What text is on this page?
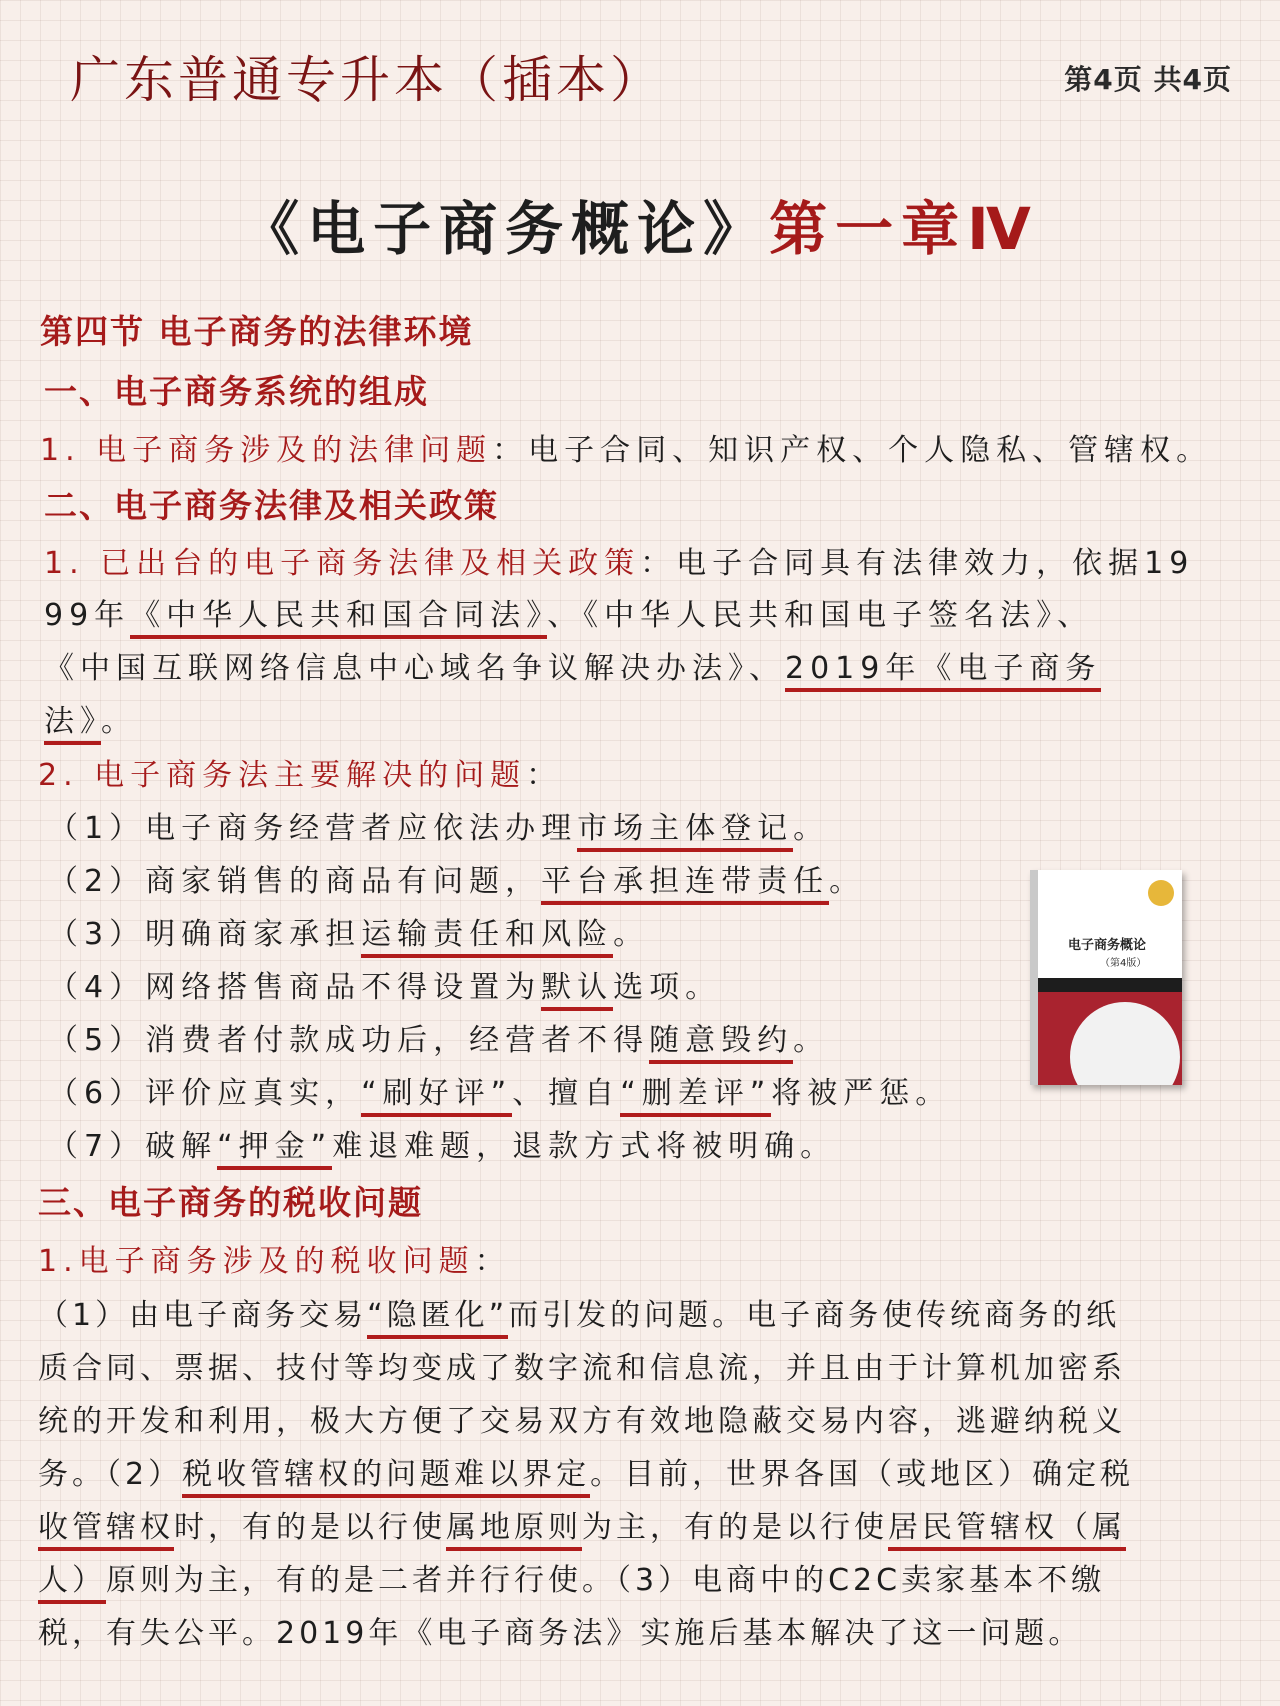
广东普通专升本（插本）	第4页 共4页
《电子商务概论》第一章Ⅳ
第四节 电子商务的法律环境
一、电子商务系统的组成
1. 电子商务涉及的法律问题：电子合同、知识产权、个人隐私、管辖权。
二、电子商务法律及相关政策
1. 已出台的电子商务法律及相关政策：电子合同具有法律效力，依据19
99年《中华人民共和国合同法》、《中华人民共和国电子签名法》、
《中国互联网络信息中心域名争议解决办法》、2019年《电子商务
法》。
2. 电子商务法主要解决的问题：
（1）电子商务经营者应依法办理市场主体登记。
（2）商家销售的商品有问题，平台承担连带责任。
（3）明确商家承担运输责任和风险。
（4）网络搭售商品不得设置为默认选项。
（5）消费者付款成功后，经营者不得随意毁约。
（6）评价应真实，“刷好评”、擅自“删差评”将被严惩。
（7）破解“押金”难退难题，退款方式将被明确。
电子商务概论
（第4版）
三、电子商务的税收问题
1.电子商务涉及的税收问题：
（1）由电子商务交易“隐匿化”而引发的问题。电子商务使传统商务的纸
质合同、票据、技付等均变成了数字流和信息流，并且由于计算机加密系
统的开发和利用，极大方便了交易双方有效地隐蔽交易内容，逃避纳税义
务。（2）税收管辖权的问题难以界定。目前，世界各国（或地区）确定税
收管辖权时，有的是以行使属地原则为主，有的是以行使居民管辖权（属
人）原则为主，有的是二者并行行使。（3）电商中的C2C卖家基本不缴
税，有失公平。2019年《电子商务法》实施后基本解决了这一问题。
